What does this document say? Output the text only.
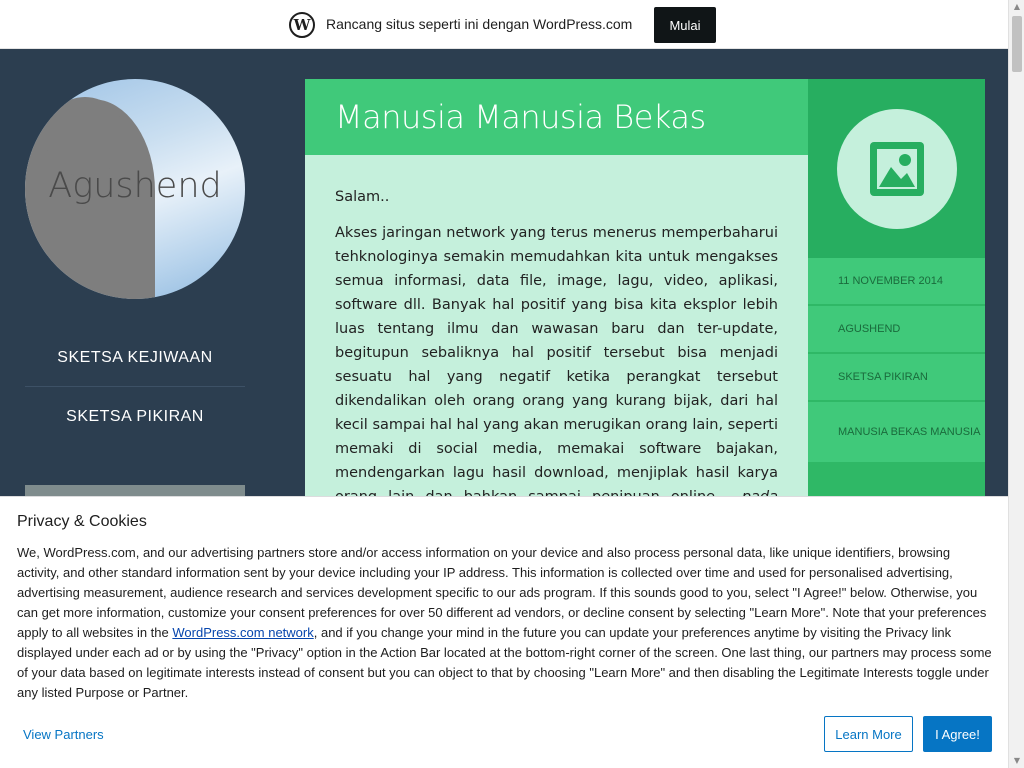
W	Rancang situs seperti ini dengan WordPress.com	Mulai
Agushend
SKETSA KEJIWAAN
SKETSA PIKIRAN
Manusia Manusia Bekas

Salam..

Akses jaringan network yang terus menerus memperbaharui tehknologinya semakin memudahkan kita untuk mengakses semua informasi, data file, image, lagu, video, aplikasi, software dll. Banyak hal positif yang bisa kita eksplor lebih luas tentang ilmu dan wawasan baru dan ter-update, begitupun sebaliknya hal positif tersebut bisa menjadi sesuatu hal yang negatif ketika perangkat tersebut dikendalikan oleh orang orang yang kurang bijak, dari hal kecil sampai hal hal yang akan merugikan orang lain, seperti memaki di social media, memakai software bajakan, mendengarkan lagu hasil download, menjiplak hasil karya

11 NOVEMBER 2014
AGUSHEND
SKETSA PIKIRAN
MANUSIA BEKAS MANUSIA
Privacy & Cookies
We, WordPress.com, and our advertising partners store and/or access information on your device and also process personal data, like unique identifiers, browsing activity, and other standard information sent by your device including your IP address. This information is collected over time and used for personalised advertising, advertising measurement, audience research and services development specific to our ads program. If this sounds good to you, select "I Agree!" below. Otherwise, you can get more information, customize your consent preferences for over 50 different ad vendors, or decline consent by selecting "Learn More". Note that your preferences apply to all websites in the WordPress.com network, and if you change your mind in the future you can update your preferences anytime by visiting the Privacy link displayed under each ad or by using the "Privacy" option in the Action Bar located at the bottom-right corner of the screen. One last thing, our partners may process some of your data based on legitimate interests instead of consent but you can object to that by choosing "Learn More" and then disabling the Legitimate Interests toggle under any listed Purpose or Partner.
View Partners	Learn More	I Agree!
▲
▼
